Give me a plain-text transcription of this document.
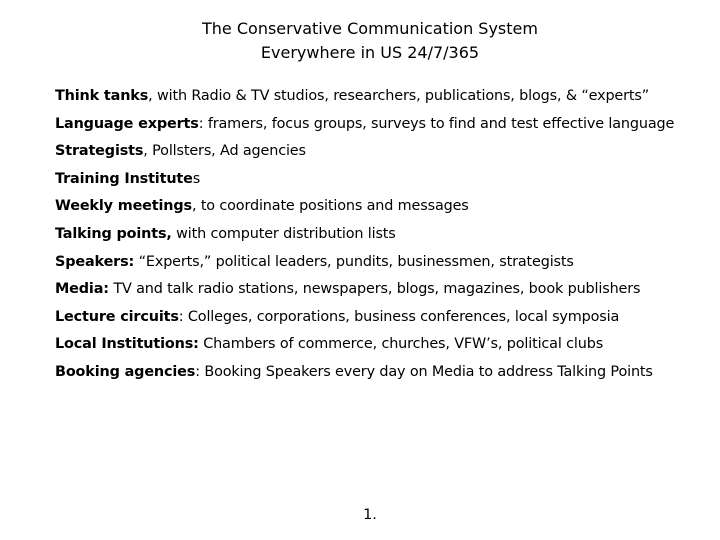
The Conservative Communication System
Everywhere in US 24/7/365
Think tanks, with Radio & TV studios, researchers, publications, blogs, & “experts”
Language experts: framers, focus groups, surveys to find and test effective language
Strategists, Pollsters, Ad agencies
Training Institutes
Weekly meetings, to coordinate positions and messages
Talking points, with computer distribution lists
Speakers: “Experts,” political leaders, pundits, businessmen, strategists
Media: TV and talk radio stations, newspapers, blogs, magazines, book publishers
Lecture circuits: Colleges, corporations, business conferences, local symposia
Local Institutions: Chambers of commerce, churches, VFW’s, political clubs
Booking agencies: Booking Speakers every day on Media to address Talking Points
1.
